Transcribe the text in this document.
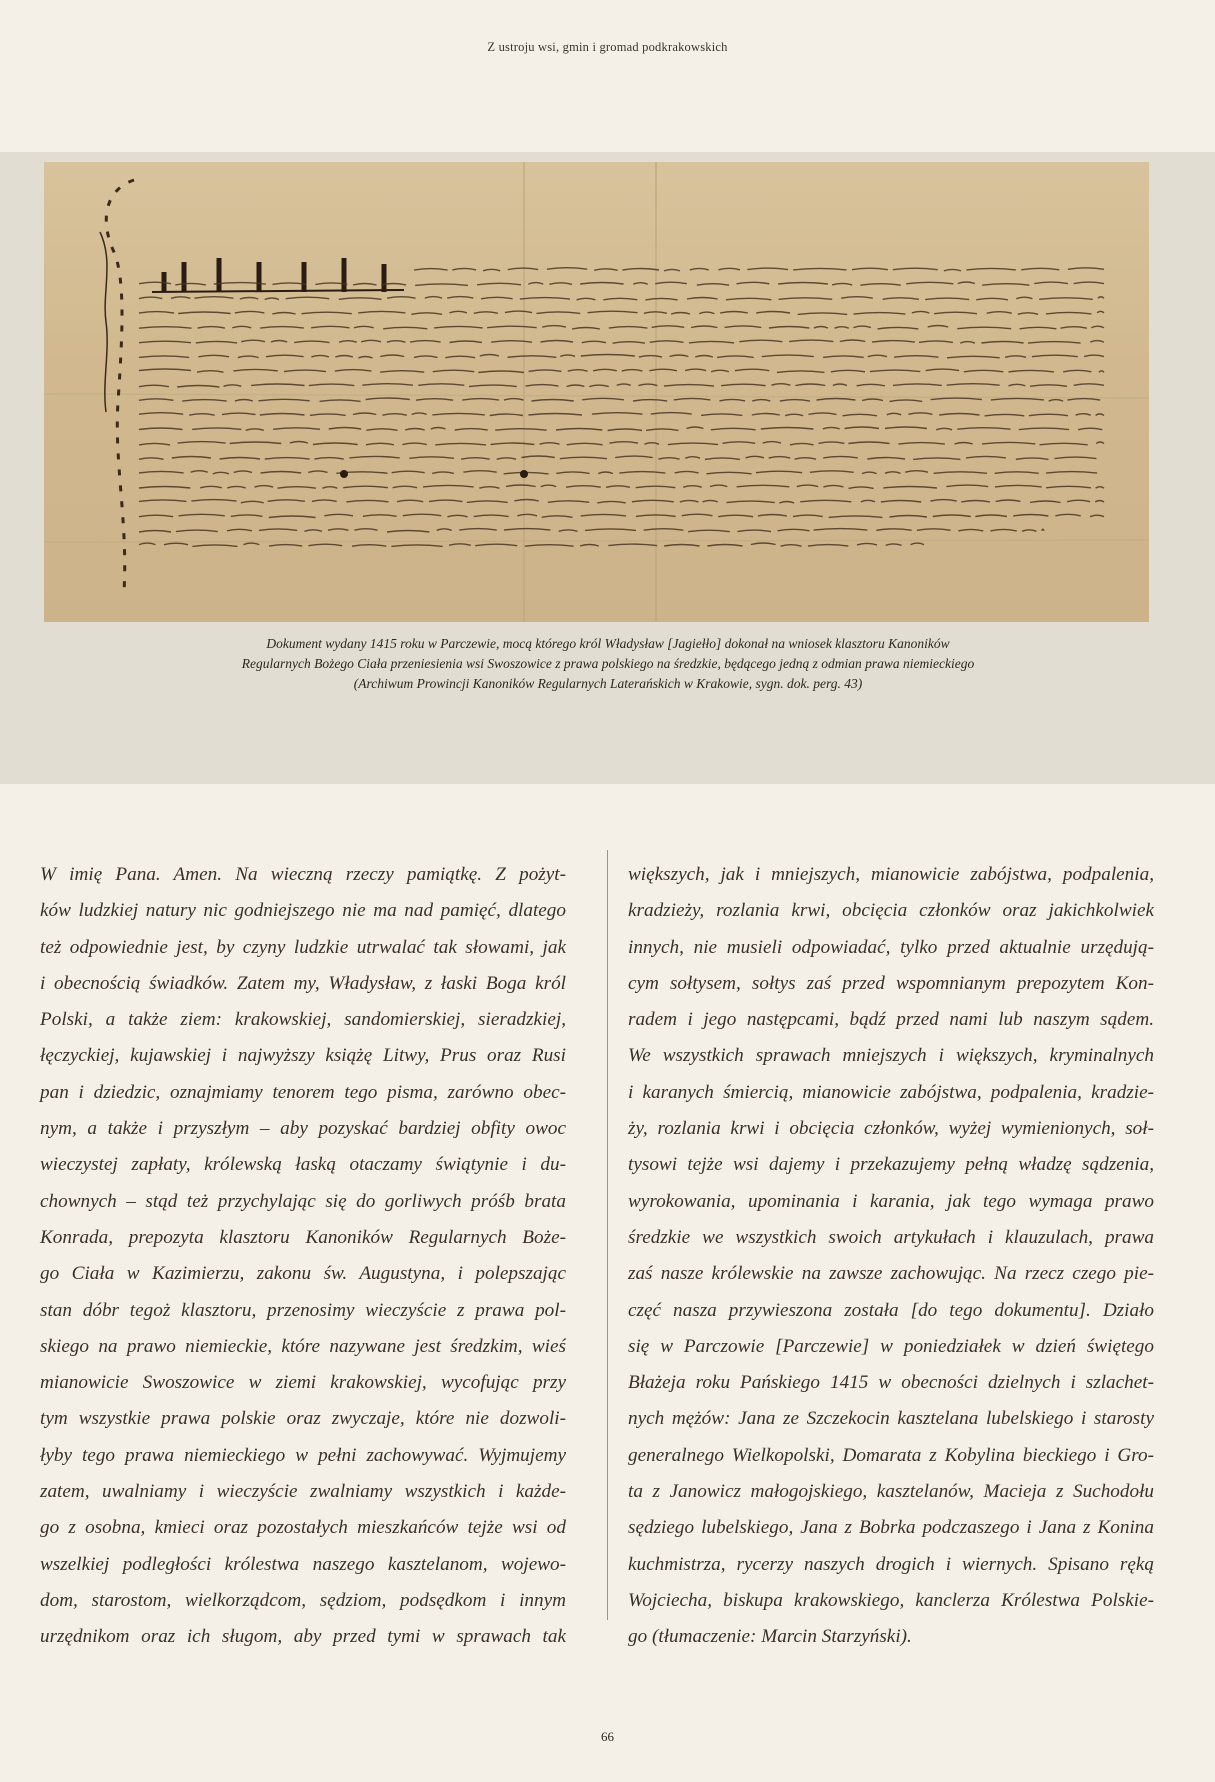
Z ustroju wsi, gmin i gromad podkrakowskich
Dokument wydany 1415 roku w Parczewie, mocą którego król Władysław [Jagiełło] dokonał na wniosek klasztoru Kanoników
Regularnych Bożego Ciała przeniesienia wsi Swoszowice z prawa polskiego na średzkie, będącego jedną z odmian prawa niemieckiego
(Archiwum Prowincji Kanoników Regularnych Laterańskich w Krakowie, sygn. dok. perg. 43)
W imię Pana. Amen. Na wieczną rzeczy pamiątkę. Z pożyt-
ków ludzkiej natury nic godniejszego nie ma nad pamięć, dlatego
też odpowiednie jest, by czyny ludzkie utrwalać tak słowami, jak
i obecnością świadków. Zatem my, Władysław, z łaski Boga król
Polski, a także ziem: krakowskiej, sandomierskiej, sieradzkiej,
łęczyckiej, kujawskiej i najwyższy książę Litwy, Prus oraz Rusi
pan i dziedzic, oznajmiamy tenorem tego pisma, zarówno obec-
nym, a także i przyszłym – aby pozyskać bardziej obfity owoc
wieczystej zapłaty, królewską łaską otaczamy świątynie i du-
chownych – stąd też przychylając się do gorliwych próśb brata
Konrada, prepozyta klasztoru Kanoników Regularnych Boże-
go Ciała w Kazimierzu, zakonu św. Augustyna, i polepszając
stan dóbr tegoż klasztoru, przenosimy wieczyście z prawa pol-
skiego na prawo niemieckie, które nazywane jest średzkim, wieś
mianowicie Swoszowice w ziemi krakowskiej, wycofując przy
tym wszystkie prawa polskie oraz zwyczaje, które nie dozwoli-
łyby tego prawa niemieckiego w pełni zachowywać. Wyjmujemy
zatem, uwalniamy i wieczyście zwalniamy wszystkich i każde-
go z osobna, kmieci oraz pozostałych mieszkańców tejże wsi od
wszelkiej podległości królestwa naszego kasztelanom, wojewo-
dom, starostom, wielkorządcom, sędziom, podsędkom i innym
urzędnikom oraz ich sługom, aby przed tymi w sprawach tak
większych, jak i mniejszych, mianowicie zabójstwa, podpalenia,
kradzieży, rozlania krwi, obcięcia członków oraz jakichkolwiek
innych, nie musieli odpowiadać, tylko przed aktualnie urzędują-
cym sołtysem, sołtys zaś przed wspomnianym prepozytem Kon-
radem i jego następcami, bądź przed nami lub naszym sądem.
We wszystkich sprawach mniejszych i większych, kryminalnych
i karanych śmiercią, mianowicie zabójstwa, podpalenia, kradzie-
ży, rozlania krwi i obcięcia członków, wyżej wymienionych, soł-
tysowi tejże wsi dajemy i przekazujemy pełną władzę sądzenia,
wyrokowania, upominania i karania, jak tego wymaga prawo
średzkie we wszystkich swoich artykułach i klauzulach, prawa
zaś nasze królewskie na zawsze zachowując. Na rzecz czego pie-
częć nasza przywieszona została [do tego dokumentu]. Działo
się w Parczowie [Parczewie] w poniedziałek w dzień świętego
Błażeja roku Pańskiego 1415 w obecności dzielnych i szlachet-
nych mężów: Jana ze Szczekocin kasztelana lubelskiego i starosty
generalnego Wielkopolski, Domarata z Kobylina bieckiego i Gro-
ta z Janowicz małogojskiego, kasztelanów, Macieja z Suchodołu
sędziego lubelskiego, Jana z Bobrka podczaszego i Jana z Konina
kuchmistrza, rycerzy naszych drogich i wiernych. Spisano ręką
Wojciecha, biskupa krakowskiego, kanclerza Królestwa Polskie-
go (tłumaczenie: Marcin Starzyński).
66
